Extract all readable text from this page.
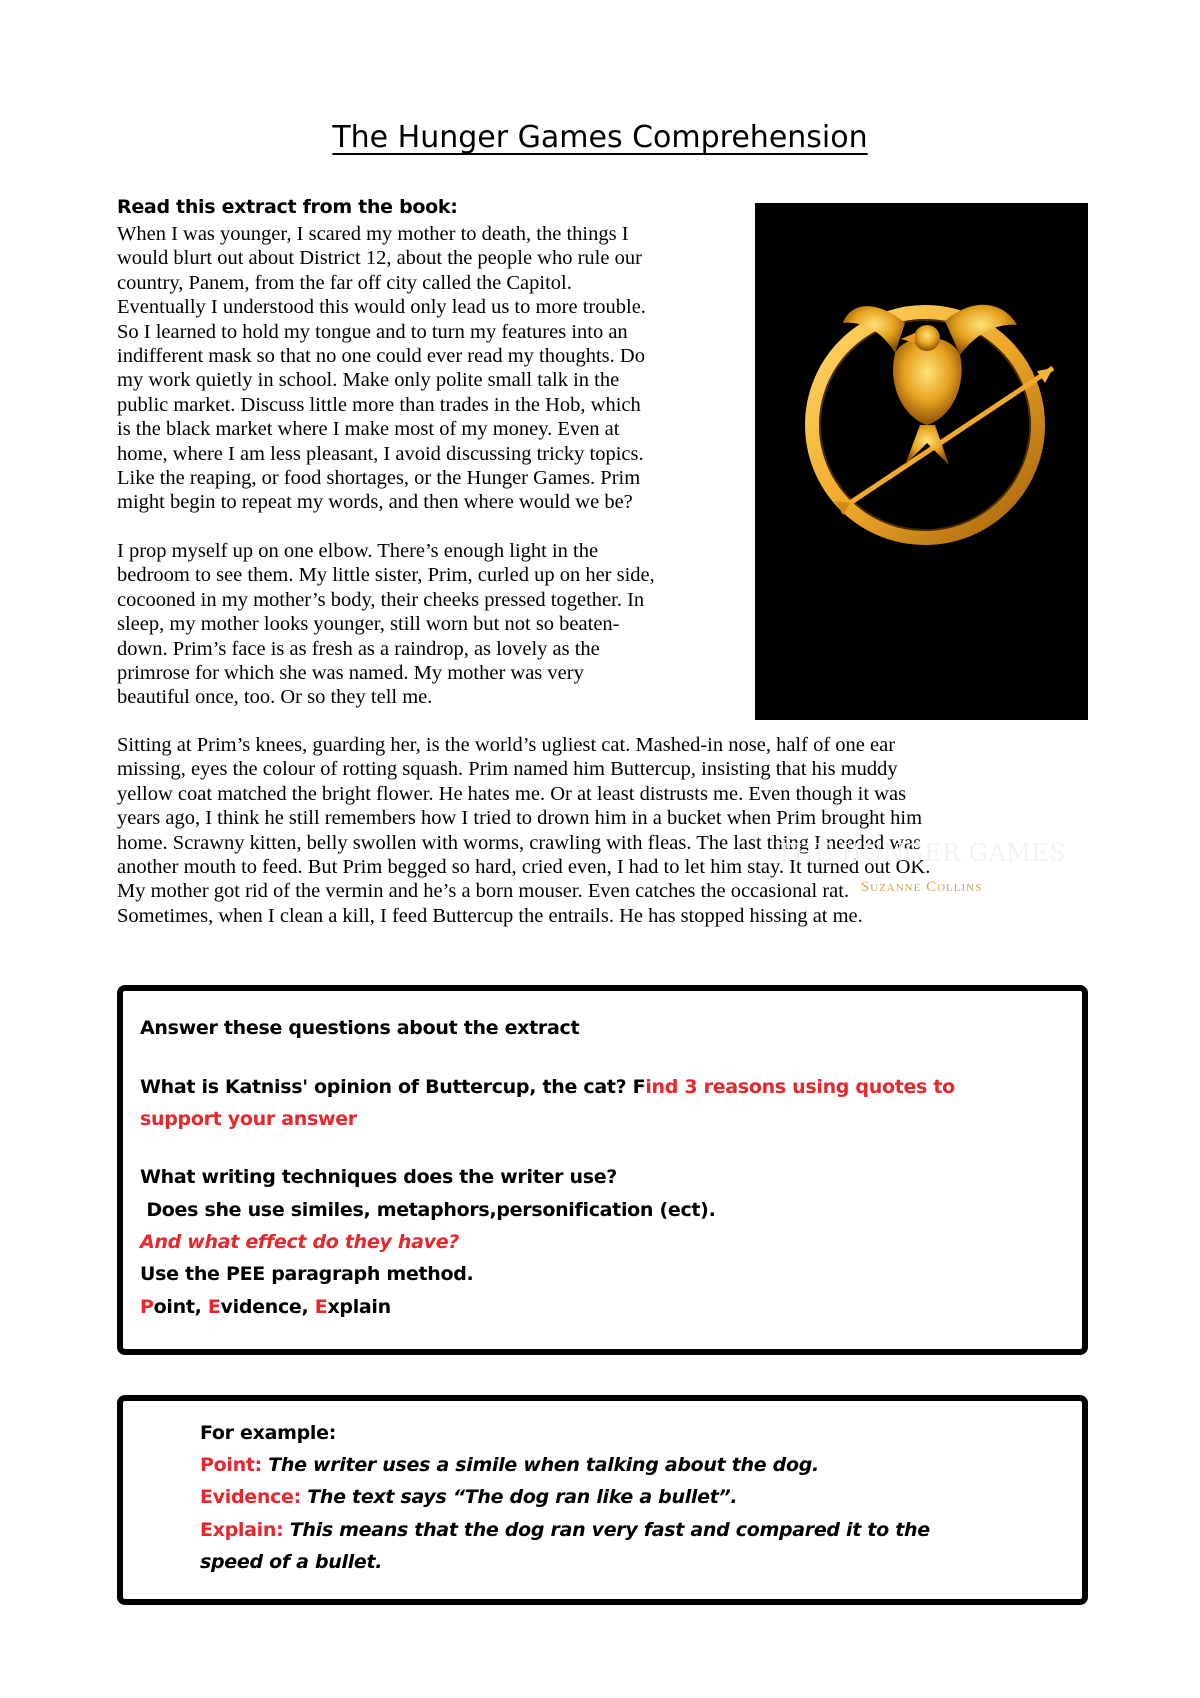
The Hunger Games Comprehension
Read this extract from the book:
When I was younger, I scared my mother to death, the things I
would blurt out about District 12, about the people who rule our
country, Panem, from the far off city called the Capitol.
Eventually I understood this would only lead us to more trouble.
So I learned to hold my tongue and to turn my features into an
indifferent mask so that no one could ever read my thoughts. Do
my work quietly in school. Make only polite small talk in the
public market. Discuss little more than trades in the Hob, which
is the black market where I make most of my money. Even at
home, where I am less pleasant, I avoid discussing tricky topics.
Like the reaping, or food shortages, or the Hunger Games. Prim
might begin to repeat my words, and then where would we be?
I prop myself up on one elbow. There’s enough light in the
bedroom to see them. My little sister, Prim, curled up on her side,
cocooned in my mother’s body, their cheeks pressed together. In
sleep, my mother looks younger, still worn but not so beaten-
down. Prim’s face is as fresh as a raindrop, as lovely as the
primrose for which she was named. My mother was very
beautiful once, too. Or so they tell me.
Sitting at Prim’s knees, guarding her, is the world’s ugliest cat. Mashed-in nose, half of one ear
missing, eyes the colour of rotting squash. Prim named him Buttercup, insisting that his muddy
yellow coat matched the bright flower. He hates me. Or at least distrusts me. Even though it was
years ago, I think he still remembers how I tried to drown him in a bucket when Prim brought him
home. Scrawny kitten, belly swollen with worms, crawling with fleas. The last thing I needed was
another mouth to feed. But Prim begged so hard, cried even, I had to let him stay. It turned out OK.
My mother got rid of the vermin and he’s a born mouser. Even catches the occasional rat.
Sometimes, when I clean a kill, I feed Buttercup the entrails. He has stopped hissing at me.
THE HUNGER GAMES
Suzanne Collins
Answer these questions about the extract
What is Katniss' opinion of Buttercup, the cat? Find 3 reasons using quotes to
support your answer
What writing techniques does the writer use?
Does she use similes, metaphors,personification (ect).
And what effect do they have?
Use the PEE paragraph method.
Point, Evidence, Explain
For example:
Point: The writer uses a simile when talking about the dog.
Evidence: The text says “The dog ran like a bullet”.
Explain: This means that the dog ran very fast and compared it to the
speed of a bullet.
